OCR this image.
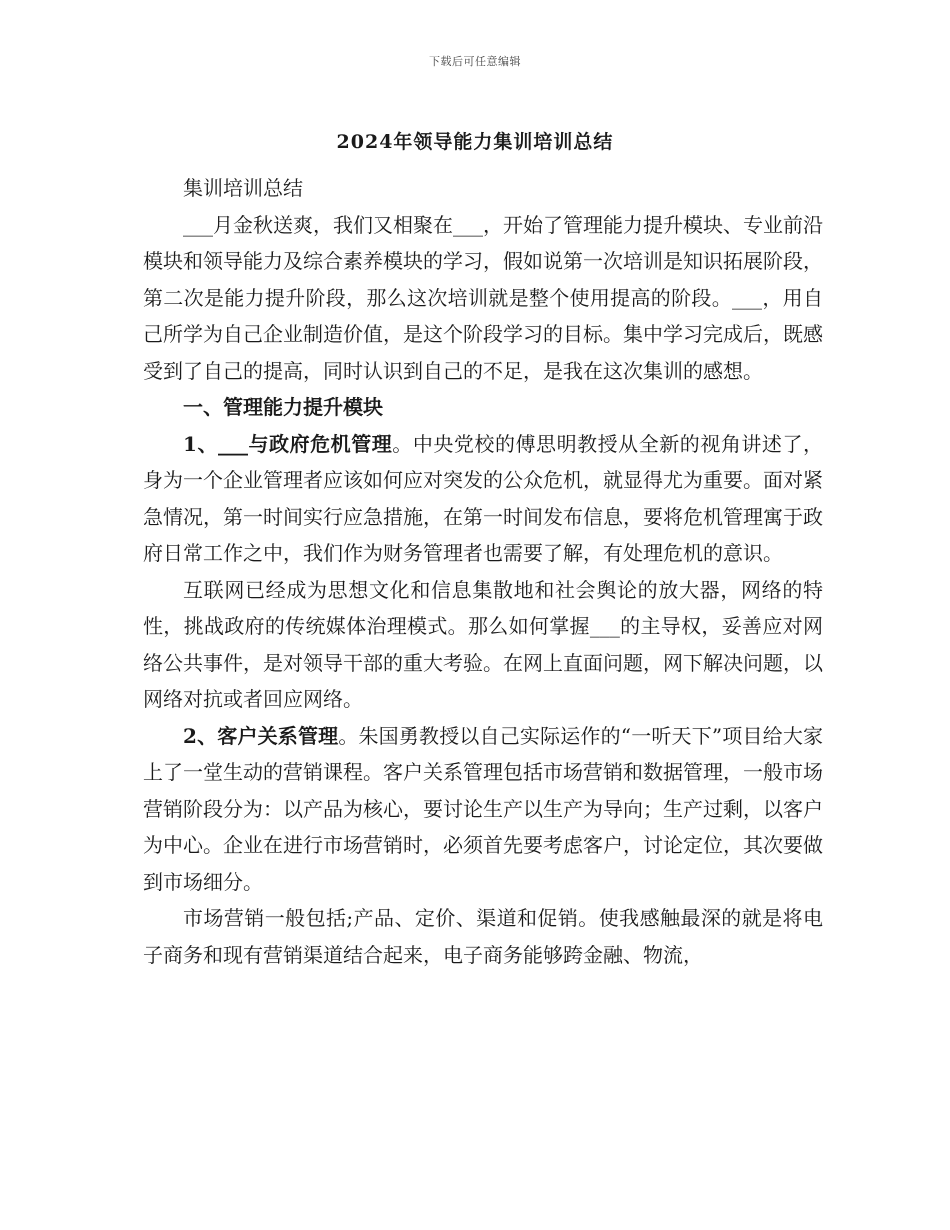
下载后可任意编辑
2024年领导能力集训培训总结

集训培训总结

___月金秋送爽，我们又相聚在___，开始了管理能力提升模块、专业前沿模块和领导能力及综合素养模块的学习，假如说第一次培训是知识拓展阶段，第二次是能力提升阶段，那么这次培训就是整个使用提高的阶段。___，用自己所学为自己企业制造价值，是这个阶段学习的目标。集中学习完成后，既感受到了自己的提高，同时认识到自己的不足，是我在这次集训的感想。

一、管理能力提升模块

1、___与政府危机管理。中央党校的傅思明教授从全新的视角讲述了，身为一个企业管理者应该如何应对突发的公众危机，就显得尤为重要。面对紧急情况，第一时间实行应急措施，在第一时间发布信息，要将危机管理寓于政府日常工作之中，我们作为财务管理者也需要了解，有处理危机的意识。

互联网已经成为思想文化和信息集散地和社会舆论的放大器，网络的特性，挑战政府的传统媒体治理模式。那么如何掌握___的主导权，妥善应对网络公共事件，是对领导干部的重大考验。在网上直面问题，网下解决问题，以网络对抗或者回应网络。

2、客户关系管理。朱国勇教授以自己实际运作的“一听天下”项目给大家上了一堂生动的营销课程。客户关系管理包括市场营销和数据管理，一般市场营销阶段分为：以产品为核心，要讨论生产以生产为导向；生产过剩，以客户为中心。企业在进行市场营销时，必须首先要考虑客户，讨论定位，其次要做到市场细分。

市场营销一般包括;产品、定价、渠道和促销。使我感触最深的就是将电子商务和现有营销渠道结合起来，电子商务能够跨金融、物流，
